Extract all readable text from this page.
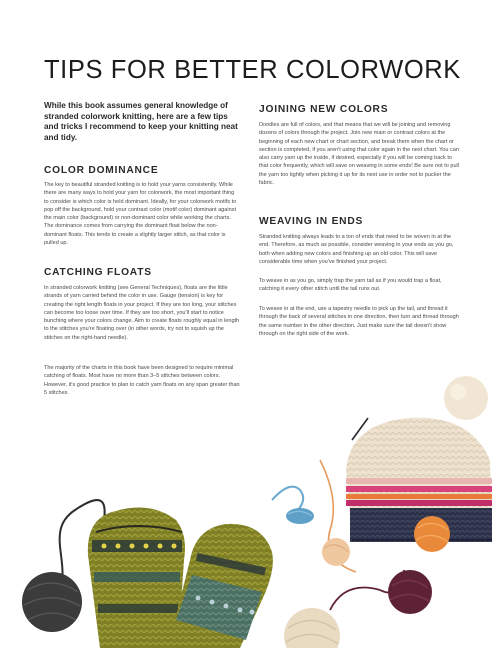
TIPS FOR BETTER COLORWORK

While this book assumes general knowledge of stranded colorwork knitting, here are a few tips and tricks I recommend to keep your knitting neat and tidy.

COLOR DOMINANCE

The key to beautiful stranded knitting is to hold your yarns consistently. While there are many ways to hold your yarn for colorwork, the most important thing to consider is which color is held dominant. Ideally, for your colorwork motifs to pop off the background, hold your contrast color (motif color) dominant against the main color (background) or non-dominant color while working the charts. The dominance comes from carrying the dominant float below the non-dominant floats. This tends to create a slightly larger stitch, as that color is pulled up.

CATCHING FLOATS

In stranded colorwork knitting (see General Techniques), floats are the little strands of yarn carried behind the color in use. Gauge (tension) is key for creating the right length floats in your project. If they are too long, your stitches can become too loose over time. If they are too short, you'll start to notice bunching where your colors change. Aim to create floats roughly equal in length to the stitches you're floating over (in other words, try not to squish up the stitches on the right-hand needle).

The majority of the charts in this book have been designed to require minimal catching of floats. Most have no more than 3–5 stitches between colors. However, it's good practice to plan to catch yarn floats on any span greater than 5 stitches.

JOINING NEW COLORS

Doodles are full of colors, and that means that we will be joining and removing dozens of colors through the project. Join new main or contrast colors at the beginning of each new chart or chart section, and break them when the chart or section is completed, if you aren't using that color again in the next chart. You can also carry yarn up the inside, if desired, especially if you will be coming back to that color frequently, which will save on weaving in some ends! Be sure not to pull the yarn too tightly when picking it up for its next use in order not to pucker the fabric.

WEAVING IN ENDS

Stranded knitting always leads to a ton of ends that need to be woven in at the end. Therefore, as much as possible, consider weaving in your ends as you go, both when adding new colors and finishing up an old color. This will save considerable time when you've finished your project.

To weave in as you go, simply trap the yarn tail as if you would trap a float, catching it every other stitch until the tail runs out.

To weave in at the end, use a tapestry needle to pick up the tail, and thread it through the back of several stitches in one direction, then turn and thread through the same number in the other direction. Just make sure the tail doesn't show through on the right side of the work.
